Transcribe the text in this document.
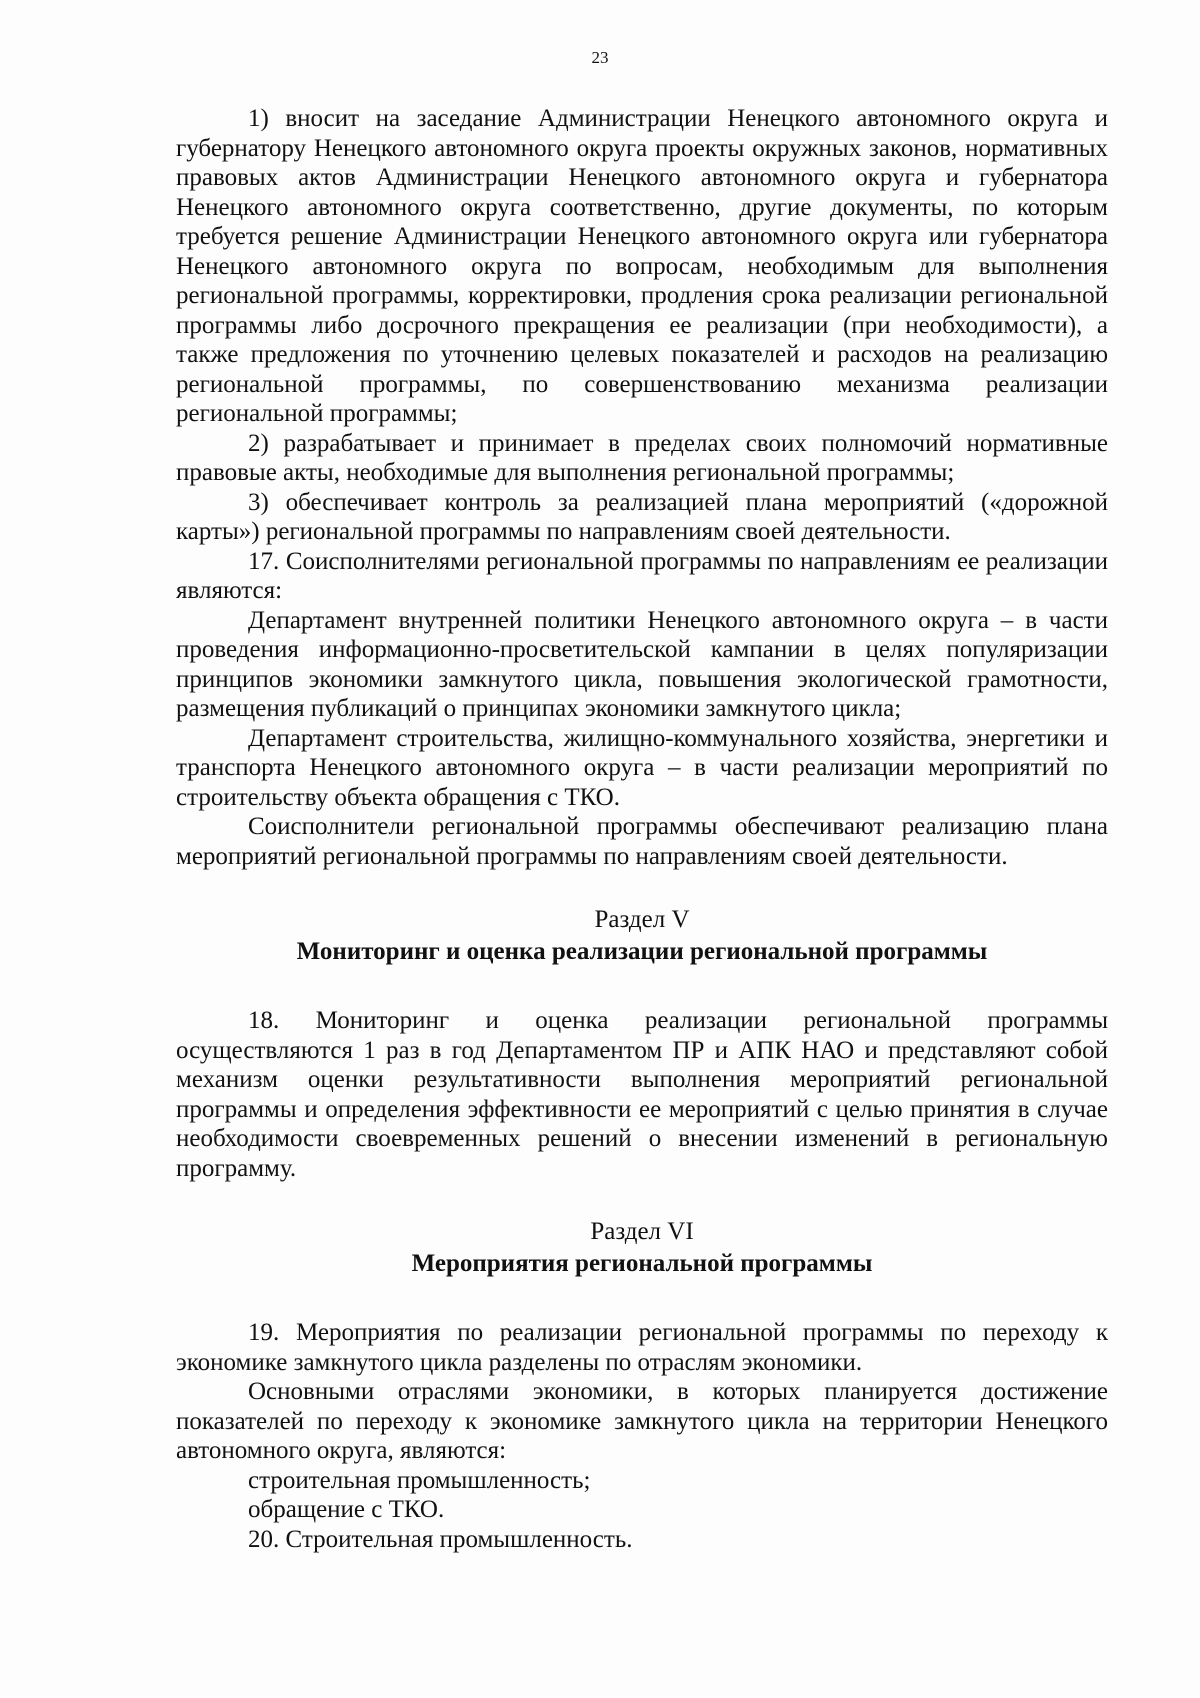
23

1) вносит на заседание Администрации Ненецкого автономного округа и губернатору Ненецкого автономного округа проекты окружных законов, нормативных правовых актов Администрации Ненецкого автономного округа и губернатора Ненецкого автономного округа соответственно, другие документы, по которым требуется решение Администрации Ненецкого автономного округа или губернатора Ненецкого автономного округа по вопросам, необходимым для выполнения региональной программы, корректировки, продления срока реализации региональной программы либо досрочного прекращения ее реализации (при необходимости), а также предложения по уточнению целевых показателей и расходов на реализацию региональной программы, по совершенствованию механизма реализации региональной программы;

2) разрабатывает и принимает в пределах своих полномочий нормативные правовые акты, необходимые для выполнения региональной программы;

3) обеспечивает контроль за реализацией плана мероприятий («дорожной карты») региональной программы по направлениям своей деятельности.

17. Соисполнителями региональной программы по направлениям ее реализации являются:

Департамент внутренней политики Ненецкого автономного округа – в части проведения информационно-просветительской кампании в целях популяризации принципов экономики замкнутого цикла, повышения экологической грамотности, размещения публикаций о принципах экономики замкнутого цикла;

Департамент строительства, жилищно-коммунального хозяйства, энергетики и транспорта Ненецкого автономного округа – в части реализации мероприятий по строительству объекта обращения с ТКО.

Соисполнители региональной программы обеспечивают реализацию плана мероприятий региональной программы по направлениям своей деятельности.

Раздел V

Мониторинг и оценка реализации региональной программы

18. Мониторинг и оценка реализации региональной программы осуществляются 1 раз в год Департаментом ПР и АПК НАО и представляют собой механизм оценки результативности выполнения мероприятий региональной программы и определения эффективности ее мероприятий с целью принятия в случае необходимости своевременных решений о внесении изменений в региональную программу.

Раздел VI

Мероприятия региональной программы

19. Мероприятия по реализации региональной программы по переходу к экономике замкнутого цикла разделены по отраслям экономики.

Основными отраслями экономики, в которых планируется достижение показателей по переходу к экономике замкнутого цикла на территории Ненецкого автономного округа, являются:

строительная промышленность;

обращение с ТКО.

20. Строительная промышленность.
